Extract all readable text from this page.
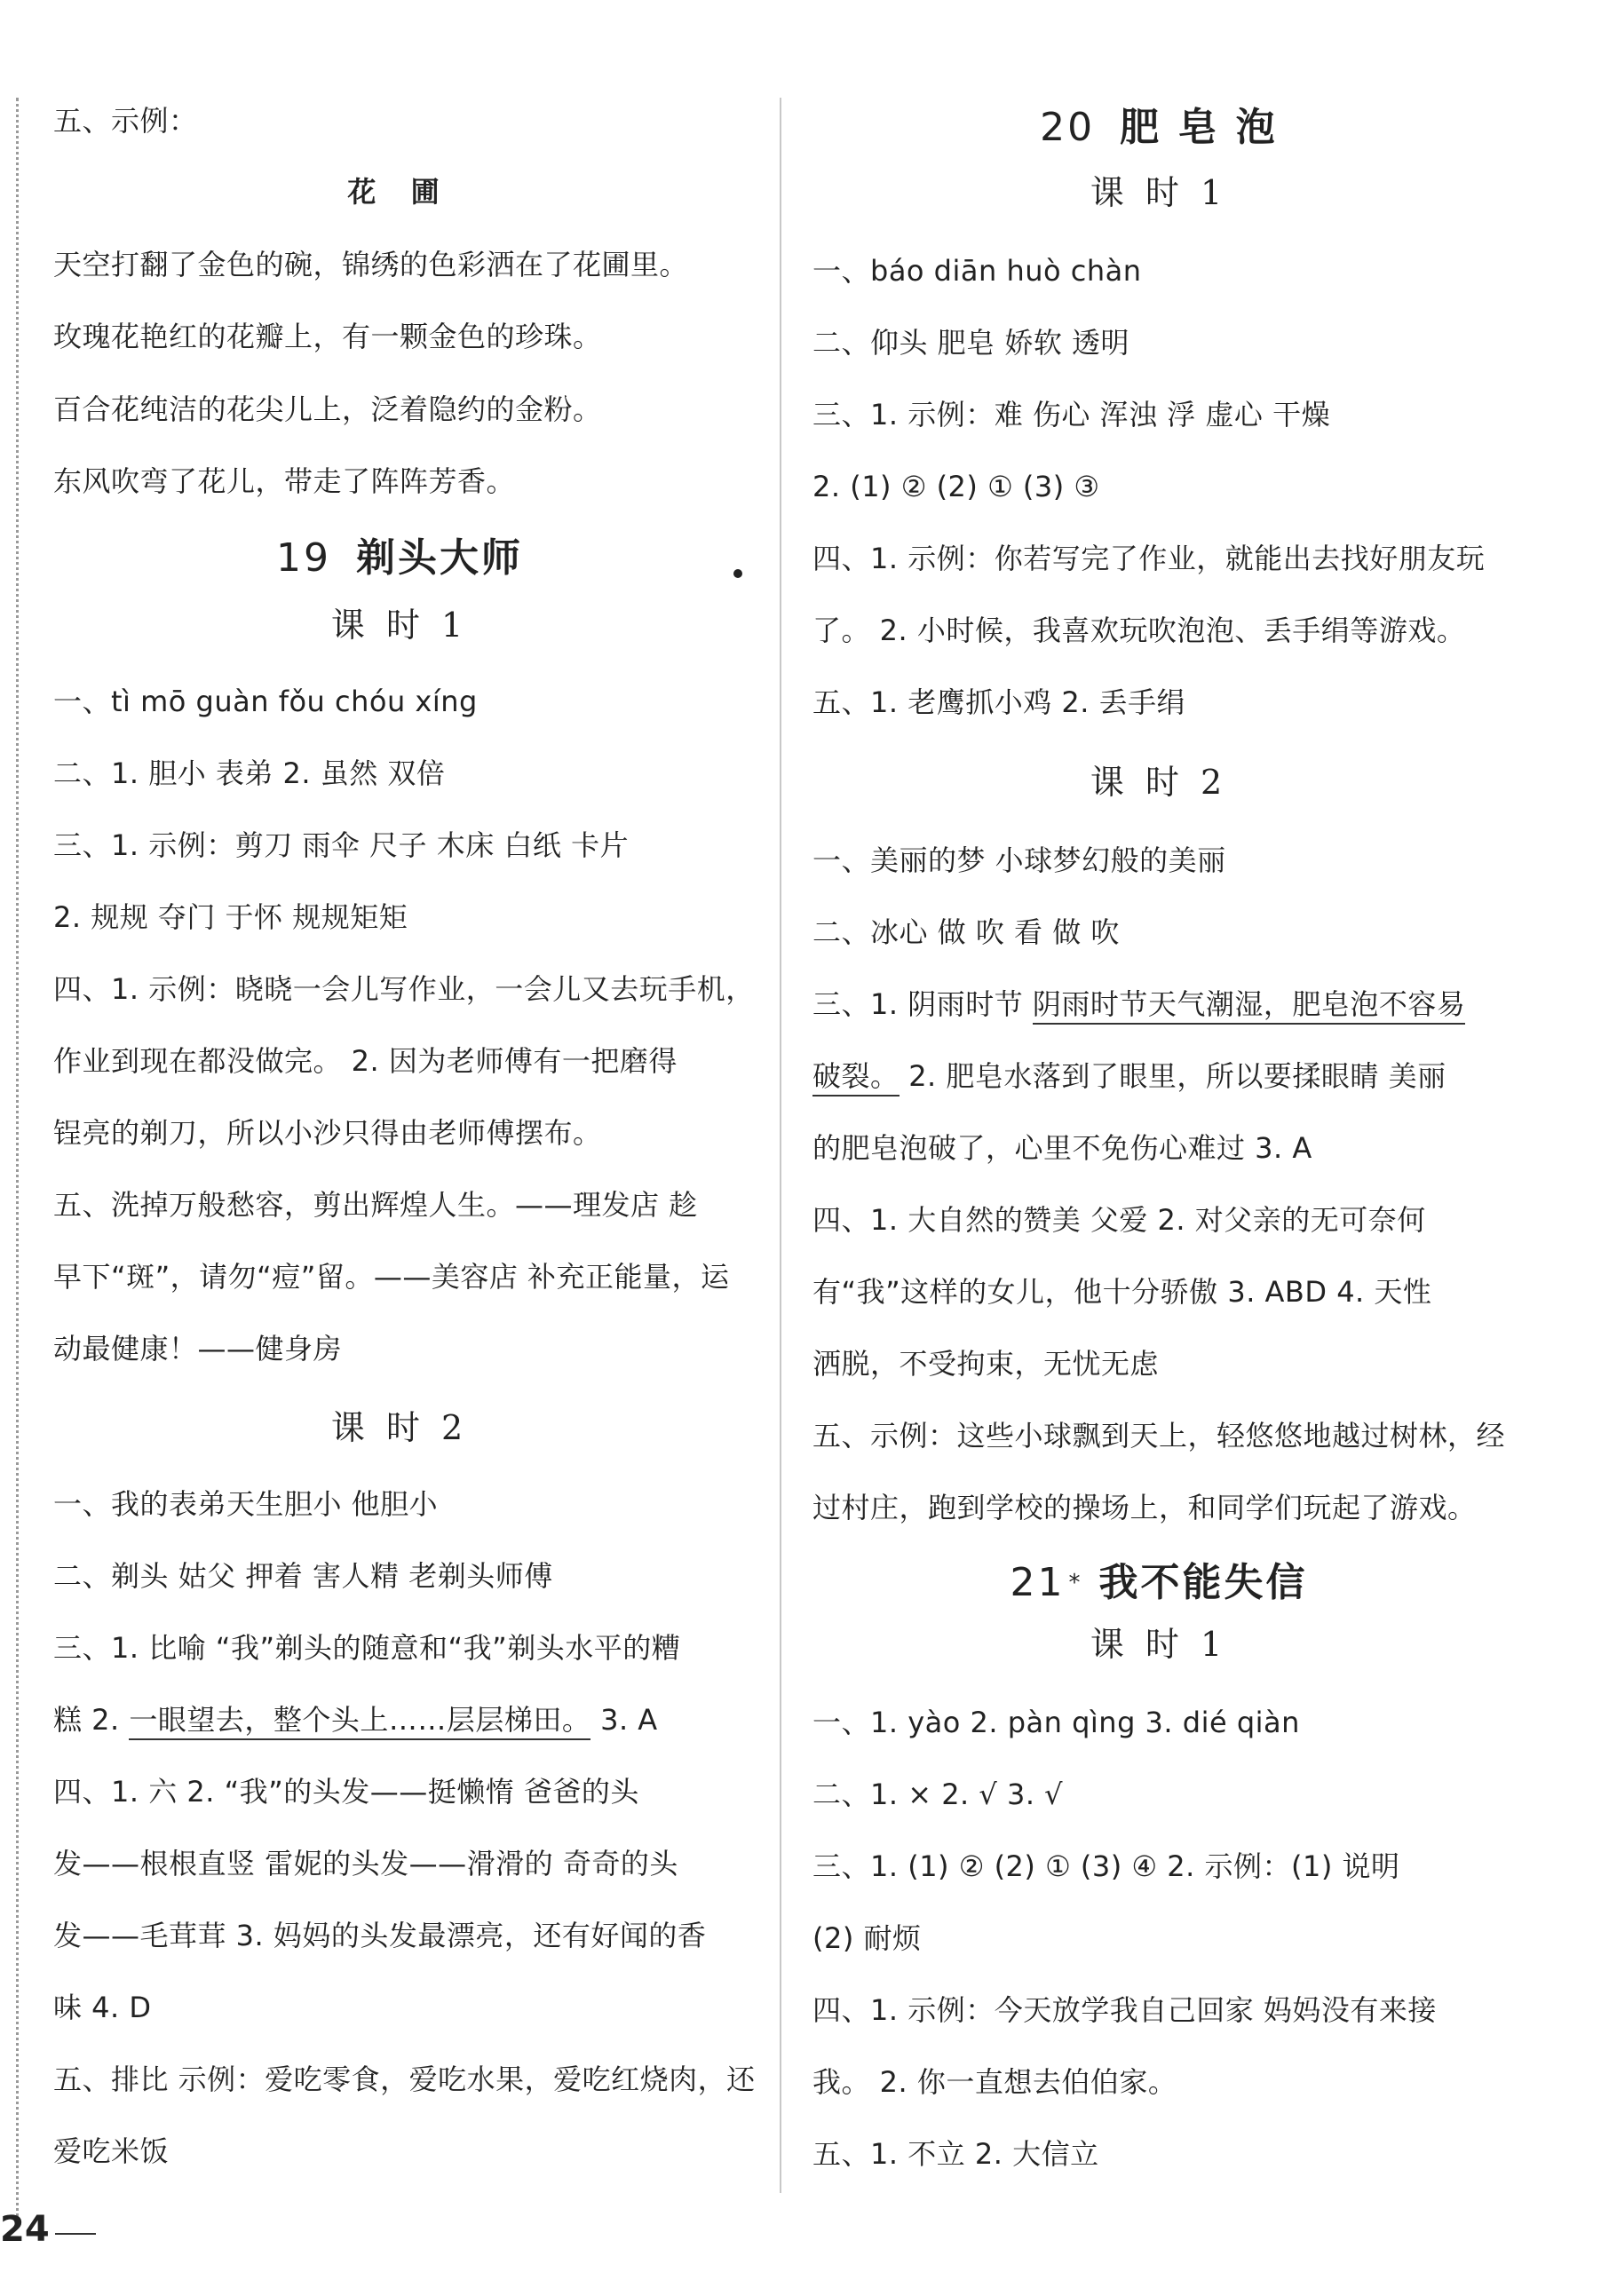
五、示例：
花 圃
天空打翻了金色的碗，锦绣的色彩洒在了花圃里。
玫瑰花艳红的花瓣上，有一颗金色的珍珠。
百合花纯洁的花尖儿上，泛着隐约的金粉。
东风吹弯了花儿，带走了阵阵芳香。
19 剃头大师
课 时 1
一、tì mō guàn fǒu chóu xíng
二、1. 胆小 表弟 2. 虽然 双倍
三、1. 示例：剪刀 雨伞 尺子 木床 白纸 卡片
2. 规规 夺门 于怀 规规矩矩
四、1. 示例：晓晓一会儿写作业，一会儿又去玩手机，
作业到现在都没做完。 2. 因为老师傅有一把磨得
锃亮的剃刀，所以小沙只得由老师傅摆布。
五、洗掉万般愁容，剪出辉煌人生。——理发店 趁
早下“斑”，请勿“痘”留。——美容店 补充正能量，运
动最健康！——健身房
课 时 2
一、我的表弟天生胆小 他胆小
二、剃头 姑父 押着 害人精 老剃头师傅
三、1. 比喻 “我”剃头的随意和“我”剃头水平的糟
糕 2. 一眼望去，整个头上……层层梯田。 3. A
四、1. 六 2. “我”的头发——挺懒惰 爸爸的头
发——根根直竖 雷妮的头发——滑滑的 奇奇的头
发——毛茸茸 3. 妈妈的头发最漂亮，还有好闻的香
味 4. D
五、排比 示例：爱吃零食，爱吃水果，爱吃红烧肉，还
爱吃米饭
20 肥 皂 泡
课 时 1
一、báo diān huò chàn
二、仰头 肥皂 娇软 透明
三、1. 示例：难 伤心 浑浊 浮 虚心 干燥
2. (1) ② (2) ① (3) ③
四、1. 示例：你若写完了作业，就能出去找好朋友玩
了。 2. 小时候，我喜欢玩吹泡泡、丢手绢等游戏。
五、1. 老鹰抓小鸡 2. 丢手绢
课 时 2
一、美丽的梦 小球梦幻般的美丽
二、冰心 做 吹 看 做 吹
三、1. 阴雨时节 阴雨时节天气潮湿，肥皂泡不容易
破裂。 2. 肥皂水落到了眼里，所以要揉眼睛 美丽
的肥皂泡破了，心里不免伤心难过 3. A
四、1. 大自然的赞美 父爱 2. 对父亲的无可奈何
有“我”这样的女儿，他十分骄傲 3. ABD 4. 天性
洒脱，不受拘束，无忧无虑
五、示例：这些小球飘到天上，轻悠悠地越过树林，经
过村庄，跑到学校的操场上，和同学们玩起了游戏。
21 * 我不能失信
课 时 1
一、1. yào 2. pàn qìng 3. dié qiàn
二、1. × 2. √ 3. √
三、1. (1) ② (2) ① (3) ④ 2. 示例：(1) 说明
(2) 耐烦
四、1. 示例：今天放学我自己回家 妈妈没有来接
我。 2. 你一直想去伯伯家。
五、1. 不立 2. 大信立
24
